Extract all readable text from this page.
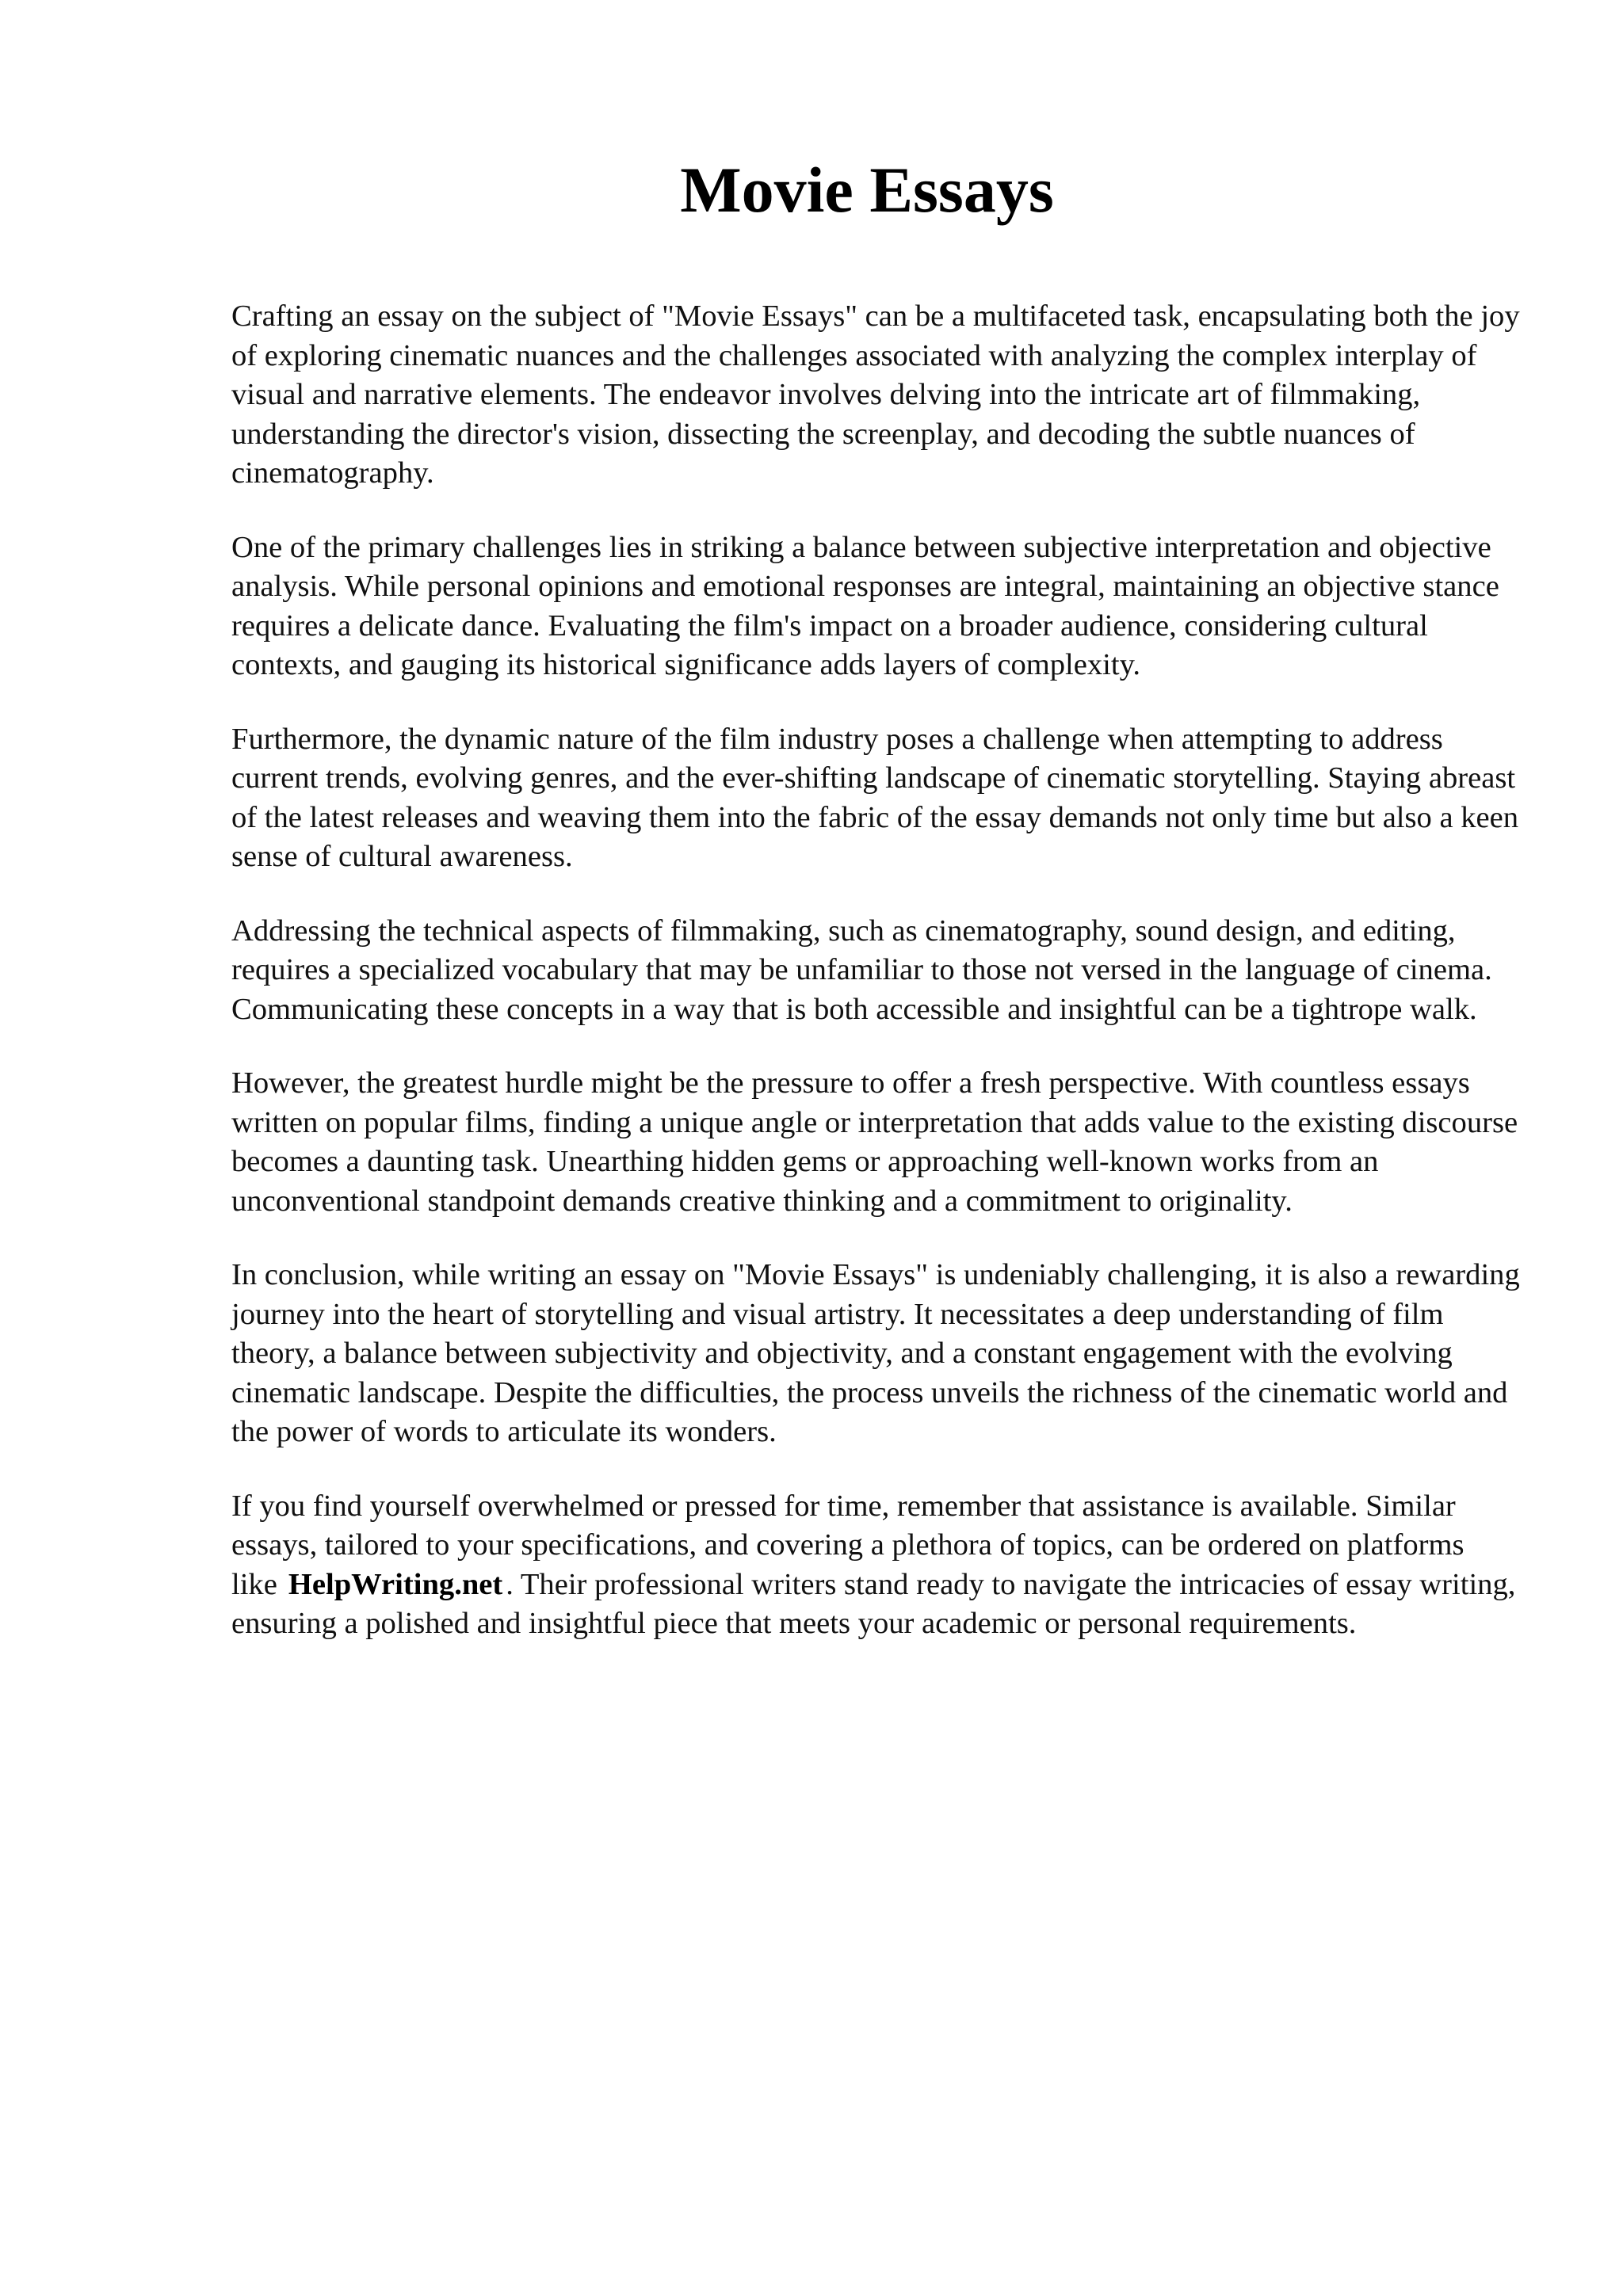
Movie Essays

Crafting an essay on the subject of "Movie Essays" can be a multifaceted task, encapsulating both the joy of exploring cinematic nuances and the challenges associated with analyzing the complex interplay of visual and narrative elements. The endeavor involves delving into the intricate art of filmmaking, understanding the director's vision, dissecting the screenplay, and decoding the subtle nuances of cinematography.

One of the primary challenges lies in striking a balance between subjective interpretation and objective analysis. While personal opinions and emotional responses are integral, maintaining an objective stance requires a delicate dance. Evaluating the film's impact on a broader audience, considering cultural contexts, and gauging its historical significance adds layers of complexity.

Furthermore, the dynamic nature of the film industry poses a challenge when attempting to address current trends, evolving genres, and the ever-shifting landscape of cinematic storytelling. Staying abreast of the latest releases and weaving them into the fabric of the essay demands not only time but also a keen sense of cultural awareness.

Addressing the technical aspects of filmmaking, such as cinematography, sound design, and editing, requires a specialized vocabulary that may be unfamiliar to those not versed in the language of cinema. Communicating these concepts in a way that is both accessible and insightful can be a tightrope walk.

However, the greatest hurdle might be the pressure to offer a fresh perspective. With countless essays written on popular films, finding a unique angle or interpretation that adds value to the existing discourse becomes a daunting task. Unearthing hidden gems or approaching well-known works from an unconventional standpoint demands creative thinking and a commitment to originality.

In conclusion, while writing an essay on "Movie Essays" is undeniably challenging, it is also a rewarding journey into the heart of storytelling and visual artistry. It necessitates a deep understanding of film theory, a balance between subjectivity and objectivity, and a constant engagement with the evolving cinematic landscape. Despite the difficulties, the process unveils the richness of the cinematic world and the power of words to articulate its wonders.

If you find yourself overwhelmed or pressed for time, remember that assistance is available. Similar essays, tailored to your specifications, and covering a plethora of topics, can be ordered on platforms like HelpWriting.net . Their professional writers stand ready to navigate the intricacies of essay writing, ensuring a polished and insightful piece that meets your academic or personal requirements.
